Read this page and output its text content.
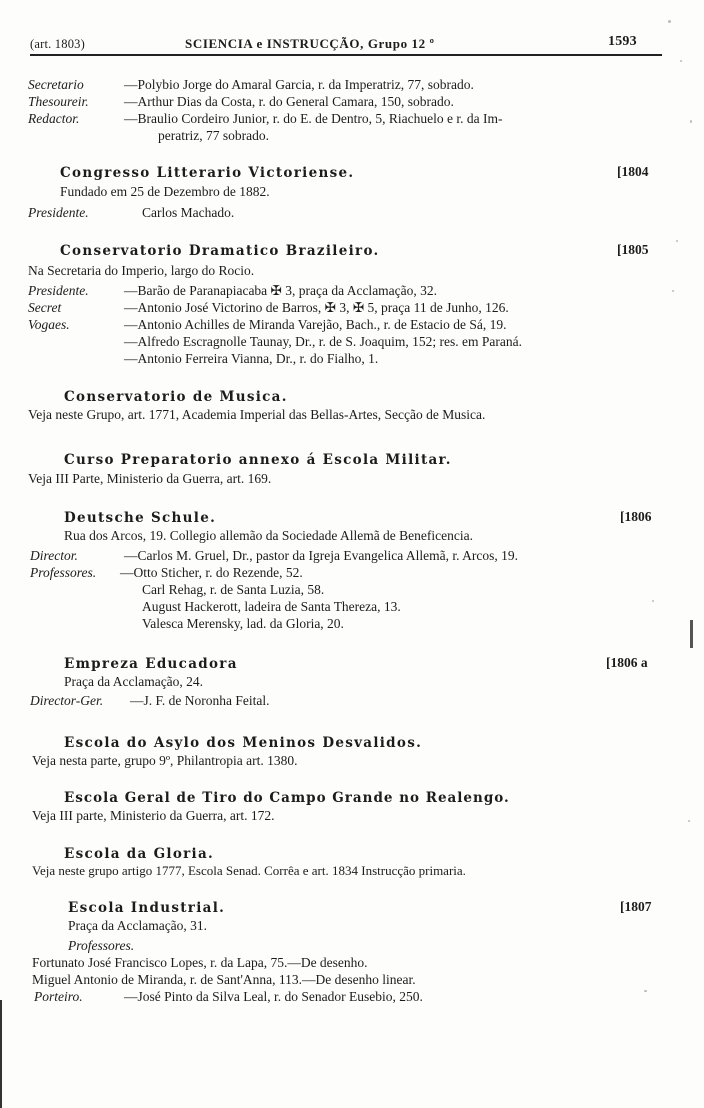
(art. 1803)	SCIENCIA e INSTRUCÇÃO, Grupo 12 º	1593
Secretario	—Polybio Jorge do Amaral Garcia, r. da Imperatriz, 77, sobrado.
Thesoureir.	—Arthur Dias da Costa, r. do General Camara, 150, sobrado.
Redactor.	—Braulio Cordeiro Junior, r. do E. de Dentro, 5, Riachuelo e r. da Im-
peratriz, 77 sobrado.
Congresso Litterario Victoriense.	[1804
Fundado em 25 de Dezembro de 1882.
Presidente.	Carlos Machado.
Conservatorio Dramatico Brazileiro.	[1805
Na Secretaria do Imperio, largo do Rocio.
Presidente.	—Barão de Paranapiacaba ✠ 3, praça da Acclamação, 32.
Secret	—Antonio José Victorino de Barros, ✠ 3, ✠ 5, praça 11 de Junho, 126.
Vogaes.	—Antonio Achilles de Miranda Varejão, Bach., r. de Estacio de Sá, 19.
—Alfredo Escragnolle Taunay, Dr., r. de S. Joaquim, 152; res. em Paraná.
—Antonio Ferreira Vianna, Dr., r. do Fialho, 1.
Conservatorio de Musica.
Veja neste Grupo, art. 1771, Academia Imperial das Bellas-Artes, Secção de Musica.
Curso Preparatorio annexo á Escola Militar.
Veja III Parte, Ministerio da Guerra, art. 169.
Deutsche Schule.	[1806
Rua dos Arcos, 19. Collegio allemão da Sociedade Allemã de Beneficencia.
Director.	—Carlos M. Gruel, Dr., pastor da Igreja Evangelica Allemã, r. Arcos, 19.
Professores. —Otto Sticher, r. do Rezende, 52.
Carl Rehag, r. de Santa Luzia, 58.
August Hackerott, ladeira de Santa Thereza, 13.
Valesca Merensky, lad. da Gloria, 20.
Empreza Educadora	[1806 a
Praça da Acclamação, 24.
Director-Ger. —J. F. de Noronha Feital.
Escola do Asylo dos Meninos Desvalidos.
Veja nesta parte, grupo 9º, Philantropia art. 1380.
Escola Geral de Tiro do Campo Grande no Realengo.
Veja III parte, Ministerio da Guerra, art. 172.
Escola da Gloria.
Veja neste grupo artigo 1777, Escola Senad. Corrêa e art. 1834 Instrucção primaria.
Escola Industrial.	[1807
Praça da Acclamação, 31.
Professores.
Fortunato José Francisco Lopes, r. da Lapa, 75.—De desenho.
Miguel Antonio de Miranda, r. de Sant'Anna, 113.—De desenho linear.
Porteiro.	—José Pinto da Silva Leal, r. do Senador Eusebio, 250.
